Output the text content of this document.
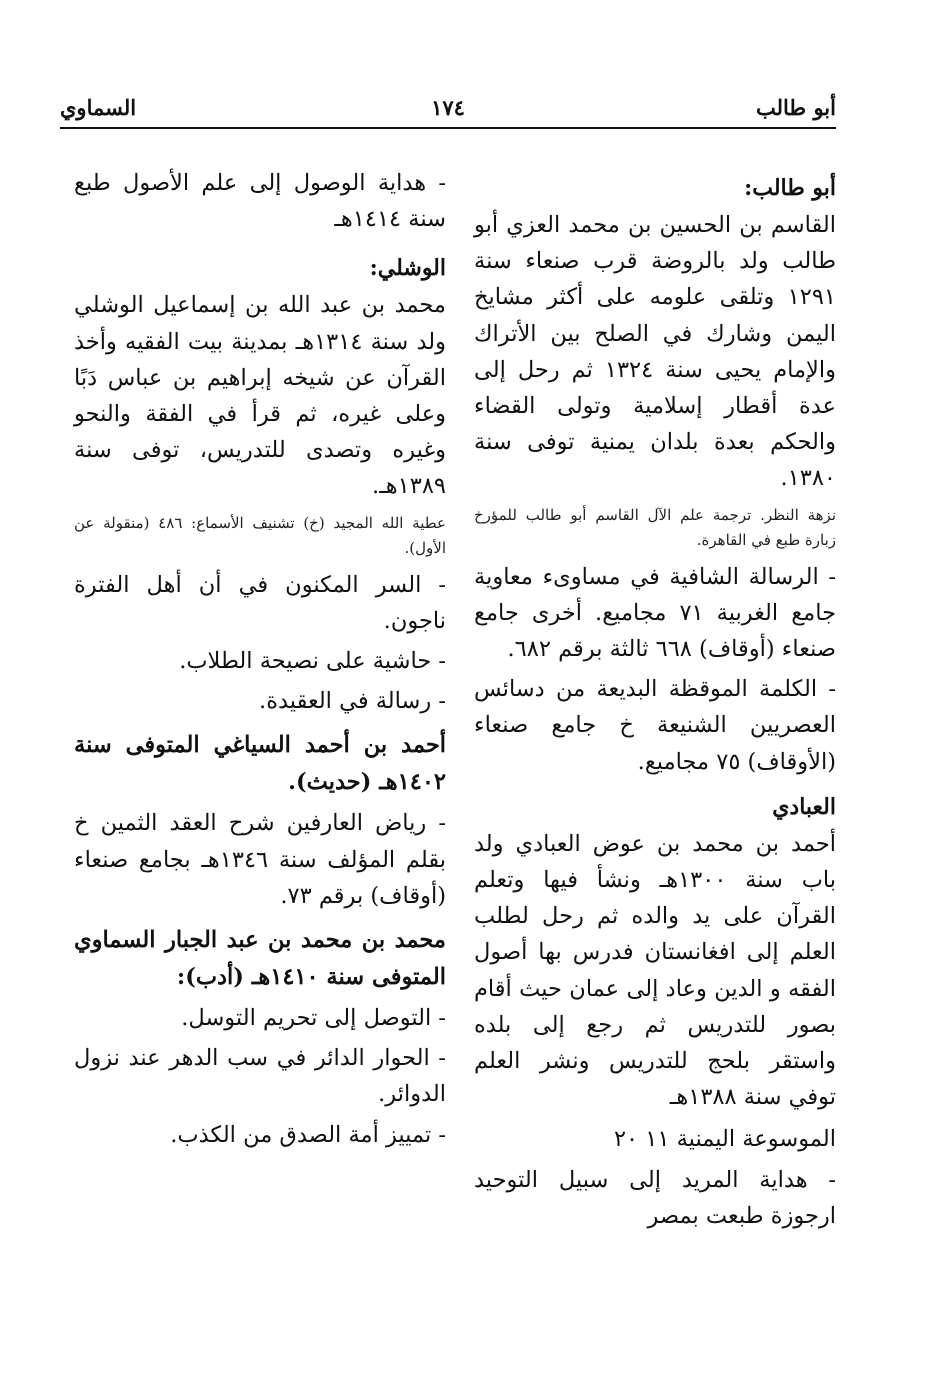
أبو طالب
١٧٤
السماوي
أبو طالب:
القاسم بن الحسين بن محمد العزي أبو طالب ولد بالروضة قرب صنعاء سنة ١٢٩١ وتلقى علومه على أكثر مشايخ اليمن وشارك في الصلح بين الأتراك والإمام يحيى سنة ١٣٢٤ ثم رحل إلى عدة أقطار إسلامية وتولى القضاء والحكم بعدة بلدان يمنية توفى سنة ١٣٨٠.
نزهة النظر. ترجمة علم الآل القاسم أبو طالب للمؤرخ زبارة طبع في القاهرة.
- الرسالة الشافية في مساوىء معاوية جامع الغربية ٧١ مجاميع. أخرى جامع صنعاء (أوقاف) ٦٦٨ ثالثة برقم ٦٨٢.
- الكلمة الموقظة البديعة من دسائس العصريين الشنيعة خ جامع صنعاء (الأوقاف) ٧٥ مجاميع.
العبادي
أحمد بن محمد بن عوض العبادي ولد باب سنة ١٣٠٠هـ ونشأ فيها وتعلم القرآن على يد والده ثم رحل لطلب العلم إلى افغانستان فدرس بها أصول الفقه و الدين وعاد إلى عمان حيث أقام بصور للتدريس ثم رجع إلى بلده واستقر بلحج للتدريس ونشر العلم توفي سنة ١٣٨٨هـ
الموسوعة اليمنية ١١ ٢٠
- هداية المريد إلى سبيل التوحيد ارجوزة طبعت بمصر
- هداية الوصول إلى علم الأصول طبع سنة ١٤١٤هـ
الوشلي:
محمد بن عبد الله بن إسماعيل الوشلي ولد سنة ١٣١٤هـ بمدينة بيت الفقيه وأخذ القرآن عن شيخه إبراهيم بن عباس دَبًا وعلى غيره، ثم قرأ في الفقة والنحو وغيره وتصدى للتدريس، توفى سنة ١٣٨٩هـ.
عطية الله المجيد (خ) تشنيف الأسماع: ٤٨٦ (منقولة عن الأول).
- السر المكنون في أن أهل الفترة ناجون.
- حاشية على نصيحة الطلاب.
- رسالة في العقيدة.
أحمد بن أحمد السياغي المتوفى سنة ١٤٠٢هـ (حديث).
- رياض العارفين شرح العقد الثمين خ بقلم المؤلف سنة ١٣٤٦هـ بجامع صنعاء (أوقاف) برقم ٧٣.
محمد بن محمد بن عبد الجبار السماوي المتوفى سنة ١٤١٠هـ (أدب):
- التوصل إلى تحريم التوسل.
- الحوار الدائر في سب الدهر عند نزول الدوائر.
- تمييز أمة الصدق من الكذب.
